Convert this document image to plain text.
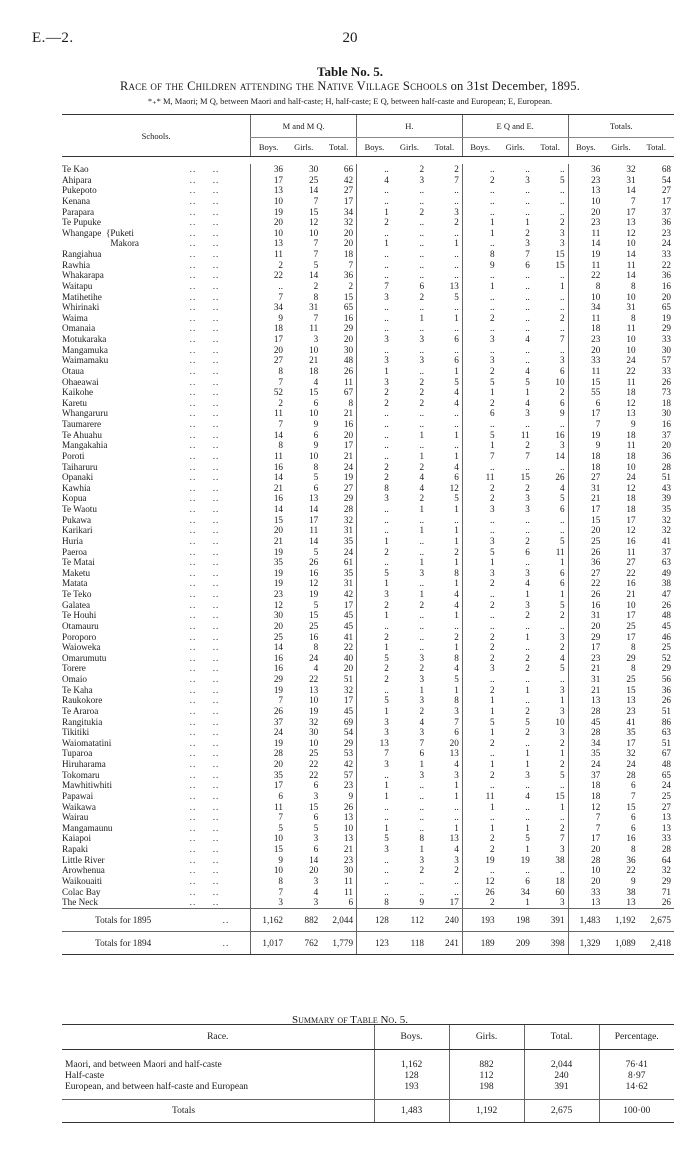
E.—2.	20
Table No. 5.
Race of the Children attending the Native Village Schools on 31st December, 1895.
*₊* M, Maori; M Q, between Maori and half-caste; H, half-caste; E Q, between half-caste and European; E, European.
Schools.		M and M Q.			H.			E Q and E.			Totals.		
		Boys.	Girls.	Total.	Boys.	Girls.	Total.	Boys.	Girls.	Total.	Boys.	Girls.	Total.

Te Kao	..     ..	36	30	66	..	2	2	..	..	..	36	32	68
Ahipara	..     ..	17	25	42	4	3	7	2	3	5	23	31	54
Pukepoto	..     ..	13	14	27	..	..	..	..	..	..	13	14	27
Kenana	..     ..	10	7	17	..	..	..	..	..	..	10	7	17
Parapara	..     ..	19	15	34	1	2	3	..	..	..	20	17	37
Te Pupuke	..     ..	20	12	32	2	..	2	1	1	2	23	13	36
Whangape {Puketi	..     ..	10	10	20	..	..	..	1	2	3	11	12	23
Makora	..     ..	13	7	20	1	..	1	..	3	3	14	10	24
Rangiahua	..     ..	11	7	18	..	..	..	8	7	15	19	14	33
Rawhia	..     ..	2	5	7	..	..	..	9	6	15	11	11	22
Whakarapa	..     ..	22	14	36	..	..	..	..	..	..	22	14	36
Waitapu	..     ..	..	2	2	7	6	13	1	..	1	8	8	16
Matihetihe	..     ..	7	8	15	3	2	5	..	..	..	10	10	20
Whirinaki	..     ..	34	31	65	..	..	..	..	..	..	34	31	65
Waima	..     ..	9	7	16	..	1	1	2	..	2	11	8	19
Omanaia	..     ..	18	11	29	..	..	..	..	..	..	18	11	29
Motukaraka	..     ..	17	3	20	3	3	6	3	4	7	23	10	33
Mangamuka	..     ..	20	10	30	..	..	..	..	..	..	20	10	30
Waimamaku	..     ..	27	21	48	3	3	6	3	..	3	33	24	57
Otaua	..     ..	8	18	26	1	..	1	2	4	6	11	22	33
Ohaeawai	..     ..	7	4	11	3	2	5	5	5	10	15	11	26
Kaikohe	..     ..	52	15	67	2	2	4	1	1	2	55	18	73
Karetu	..     ..	2	6	8	2	2	4	2	4	6	6	12	18
Whangaruru	..     ..	11	10	21	..	..	..	6	3	9	17	13	30
Taumarere	..     ..	7	9	16	..	..	..	..	..	..	7	9	16
Te Ahuahu	..     ..	14	6	20	..	1	1	5	11	16	19	18	37
Mangakahia	..     ..	8	9	17	..	..	..	1	2	3	9	11	20
Poroti	..     ..	11	10	21	..	1	1	7	7	14	18	18	36
Taiharuru	..     ..	16	8	24	2	2	4	..	..	..	18	10	28
Opanaki	..     ..	14	5	19	2	4	6	11	15	26	27	24	51
Kawhia	..     ..	21	6	27	8	4	12	2	2	4	31	12	43
Kopua	..     ..	16	13	29	3	2	5	2	3	5	21	18	39
Te Waotu	..     ..	14	14	28	..	1	1	3	3	6	17	18	35
Pukawa	..     ..	15	17	32	..	..	..	..	..	..	15	17	32
Karikari	..     ..	20	11	31	..	1	1	..	..	..	20	12	32
Huria	..     ..	21	14	35	1	..	1	3	2	5	25	16	41
Paeroa	..     ..	19	5	24	2	..	2	5	6	11	26	11	37
Te Matai	..     ..	35	26	61	..	1	1	1	..	1	36	27	63
Maketu	..     ..	19	16	35	5	3	8	3	3	6	27	22	49
Matata	..     ..	19	12	31	1	..	1	2	4	6	22	16	38
Te Teko	..     ..	23	19	42	3	1	4	..	1	1	26	21	47
Galatea	..     ..	12	5	17	2	2	4	2	3	5	16	10	26
Te Houhi	..     ..	30	15	45	1	..	1	..	2	2	31	17	48
Otamauru	..     ..	20	25	45	..	..	..	..	..	..	20	25	45
Poroporo	..     ..	25	16	41	2	..	2	2	1	3	29	17	46
Waioweka	..     ..	14	8	22	1	..	1	2	..	2	17	8	25
Omarumutu	..     ..	16	24	40	5	3	8	2	2	4	23	29	52
Torere	..     ..	16	4	20	2	2	4	3	2	5	21	8	29
Omaio	..     ..	29	22	51	2	3	5	..	..	..	31	25	56
Te Kaha	..     ..	19	13	32	..	1	1	2	1	3	21	15	36
Raukokore	..     ..	7	10	17	5	3	8	1	..	1	13	13	26
Te Araroa	..     ..	26	19	45	1	2	3	1	2	3	28	23	51
Rangitukia	..     ..	37	32	69	3	4	7	5	5	10	45	41	86
Tikitiki	..     ..	24	30	54	3	3	6	1	2	3	28	35	63
Waiomatatini	..     ..	19	10	29	13	7	20	2	..	2	34	17	51
Tuparoa	..     ..	28	25	53	7	6	13	..	1	1	35	32	67
Hiruharama	..     ..	20	22	42	3	1	4	1	1	2	24	24	48
Tokomaru	..     ..	35	22	57	..	3	3	2	3	5	37	28	65
Mawhitiwhiti	..     ..	17	6	23	1	..	1	..	..	..	18	6	24
Papawai	..     ..	6	3	9	1	..	1	11	4	15	18	7	25
Waikawa	..     ..	11	15	26	..	..	..	1	..	1	12	15	27
Wairau	..     ..	7	6	13	..	..	..	..	..	..	7	6	13
Mangamaunu	..     ..	5	5	10	1	..	1	1	1	2	7	6	13
Kaiapoi	..     ..	10	3	13	5	8	13	2	5	7	17	16	33
Rapaki	..     ..	15	6	21	3	1	4	2	1	3	20	8	28
Little River	..     ..	9	14	23	..	3	3	19	19	38	28	36	64
Arowhenua	..     ..	10	20	30	..	2	2	..	..	..	10	22	32
Waikouaiti	..     ..	8	3	11	..	..	..	12	6	18	20	9	29
Colac Bay	..     ..	7	4	11	..	..	..	26	34	60	33	38	71
The Neck	..     ..	3	3	6	8	9	17	2	1	3	13	13	26
Totals for 1895	..	1,162	882	2,044	128	112	240	193	198	391	1,483	1,192	2,675
Totals for 1894	..	1,017	762	1,779	123	118	241	189	209	398	1,329	1,089	2,418
Summary of Table No. 5.
Race.	Boys.	Girls.	Total.	Percentage.
Maori, and between Maori and half-caste	1,162	882	2,044	76·41
Half-caste	128	112	240	8·97
European, and between half-caste and European	193	198	391	14·62
Totals	1,483	1,192	2,675	100·00
